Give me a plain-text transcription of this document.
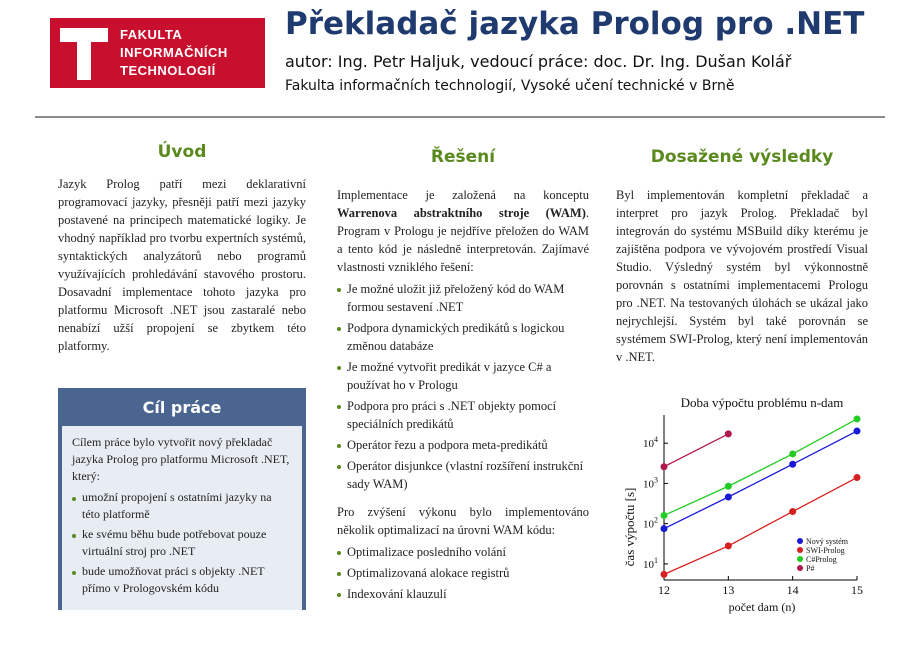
FAKULTA
INFORMAČNÍCH
TECHNOLOGIÍ
Překladač jazyka Prolog pro .NET
autor: Ing. Petr Haljuk, vedoucí práce: doc. Dr. Ing. Dušan Kolář
Fakulta informačních technologií, Vysoké učení technické v Brně
Úvod

Jazyk Prolog patří mezi deklarativní programovací jazyky, přesněji patří mezi jazyky postavené na principech matematické logiky. Je vhodný například pro tvorbu expertních systémů, syntaktických analyzátorů nebo programů využívajících prohledávání stavového prostoru. Dosavadní implementace tohoto jazyka pro platformu Microsoft .NET jsou zastaralé nebo nenabízí užší propojení se zbytkem této platformy.

Cíl práce

Cílem práce bylo vytvořit nový překladač jazyka Prolog pro platformu Microsoft .NET, který:

umožní propojení s ostatními jazyky na této platformě
ke svému běhu bude potřebovat pouze virtuální stroj pro .NET
bude umožňovat práci s objekty .NET přímo v Prologovském kódu
Řešení

Implementace je založená na konceptu Warrenova abstraktního stroje (WAM). Program v Prologu je nejdříve přeložen do WAM a tento kód je následně interpretován. Zajímavé vlastnosti vzniklého řešení:

Je možné uložit již přeložený kód do WAM formou sestavení .NET
Podpora dynamických predikátů s logickou změnou databáze
Je možné vytvořit predikát v jazyce C# a používat ho v Prologu
Podpora pro práci s .NET objekty pomocí speciálních predikátů
Operátor řezu a podpora meta-predikátů
Operátor disjunkce (vlastní rozšíření instrukční sady WAM)

Pro zvýšení výkonu bylo implementováno několik optimalizací na úrovni WAM kódu:

Optimalizace posledního volání
Optimalizovaná alokace registrů
Indexování klauzulí
Dosažené výsledky

Byl implementován kompletní překladač a interpret pro jazyk Prolog. Překladač byl integrován do systému MSBuild díky kterému je zajištěna podpora ve vývojovém prostředí Visual Studio. Výsledný systém byl výkonnostně porovnán s ostatními implementacemi Prologu pro .NET. Na testovaných úlohách se ukázal jako nejrychlejší. Systém byl také porovnán se systémem SWI-Prolog, který není implementován v .NET.

Doba výpočtu problému n-dam
čas výpočtu [s]
počet dam (n)
12	13	14	15
$10^1$
$10^2$
$10^3$
$10^4$
Nový systém
SWI-Prolog
C#Prolog
P#
